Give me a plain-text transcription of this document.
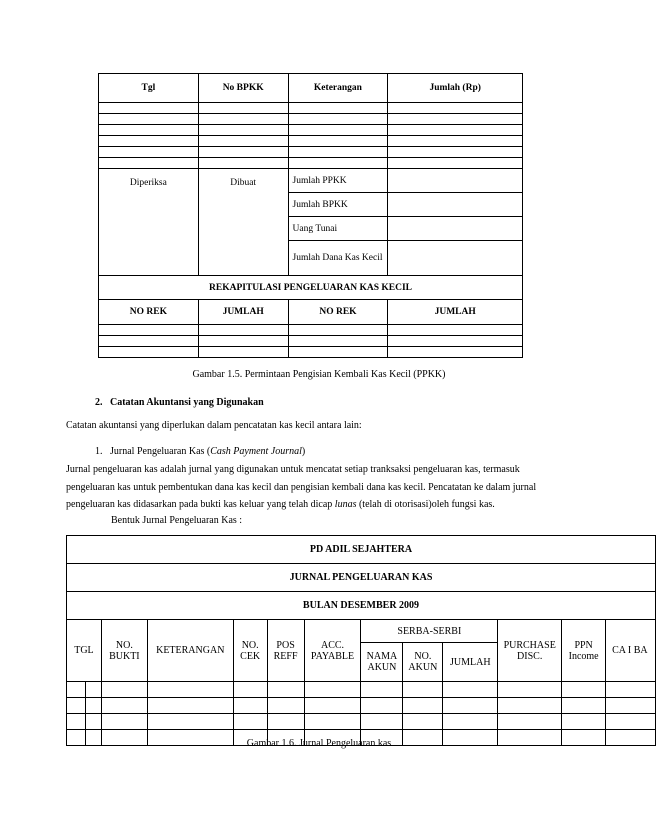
Tgl	No BPKK	Keterangan	Jumlah (Rp)

Diperiksa	Dibuat	Jumlah PPKK	
		Jumlah BPKK	
		Uang Tunai	
		Jumlah Dana Kas Kecil	
REKAPITULASI PENGELUARAN KAS KECIL			
NO REK	JUMLAH	NO REK	JUMLAH

Gambar 1.5. Permintaan Pengisian Kembali Kas Kecil (PPKK)
2. Catatan Akuntansi yang Digunakan
Catatan akuntansi yang diperlukan dalam pencatatan kas kecil antara lain:
1. Jurnal Pengeluaran Kas (Cash Payment Journal)
Jurnal pengeluaran kas adalah jurnal yang digunakan untuk mencatat setiap tranksaksi pengeluaran kas, termasuk pengeluaran kas untuk pembentukan dana kas kecil dan pengisian kembali dana kas kecil. Pencatatan ke dalam jurnal pengeluaran kas didasarkan pada bukti kas keluar yang telah dicap lunas (telah di otorisasi)oleh fungsi kas.
Bentuk Jurnal Pengeluaran Kas :
PD ADIL SEJAHTERA												
JURNAL PENGELUARAN KAS												
BULAN DESEMBER 2009												
TGL		NO. BUKTI	KETERANGAN	NO. CEK	POS REFF	ACC. PAYABLE	SERBA-SERBI			PURCHASE DISC.	PPN Income	CA I BA
							NAMA AKUN	NO. AKUN	JUMLAH			

Gambar 1.6. Jurnal Pengeluaran kas
